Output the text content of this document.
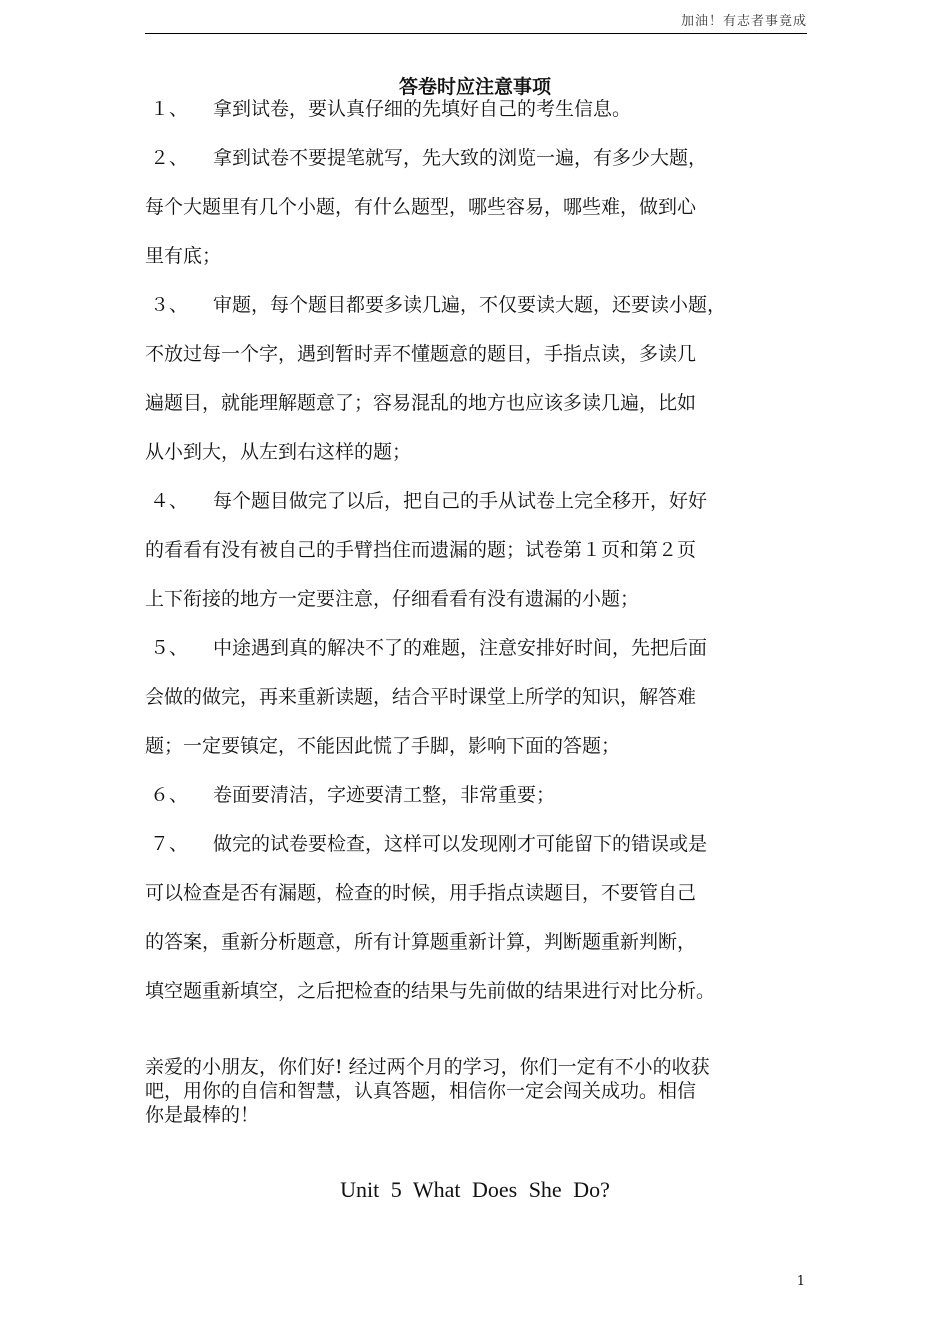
加油！有志者事竟成
答卷时应注意事项
１、 拿到试卷，要认真仔细的先填好自己的考生信息。
２、 拿到试卷不要提笔就写，先大致的浏览一遍，有多少大题，
每个大题里有几个小题，有什么题型，哪些容易，哪些难，做到心
里有底；
３、 审题，每个题目都要多读几遍，不仅要读大题，还要读小题，
不放过每一个字，遇到暂时弄不懂题意的题目，手指点读，多读几
遍题目，就能理解题意了；容易混乱的地方也应该多读几遍，比如
从小到大，从左到右这样的题；
４、 每个题目做完了以后，把自己的手从试卷上完全移开，好好
的看看有没有被自己的手臂挡住而遗漏的题；试卷第１页和第２页
上下衔接的地方一定要注意，仔细看看有没有遗漏的小题；
５、 中途遇到真的解决不了的难题，注意安排好时间，先把后面
会做的做完，再来重新读题，结合平时课堂上所学的知识，解答难
题；一定要镇定，不能因此慌了手脚，影响下面的答题；
６、 卷面要清洁，字迹要清工整，非常重要；
７、 做完的试卷要检查，这样可以发现刚才可能留下的错误或是
可以检查是否有漏题，检查的时候，用手指点读题目，不要管自己
的答案，重新分析题意，所有计算题重新计算，判断题重新判断，
填空题重新填空，之后把检查的结果与先前做的结果进行对比分析。
亲爱的小朋友，你们好! 经过两个月的学习，你们一定有不小的收获
吧，用你的自信和智慧，认真答题，相信你一定会闯关成功。相信
你是最棒的！
Unit 5 What Does She Do?
1
